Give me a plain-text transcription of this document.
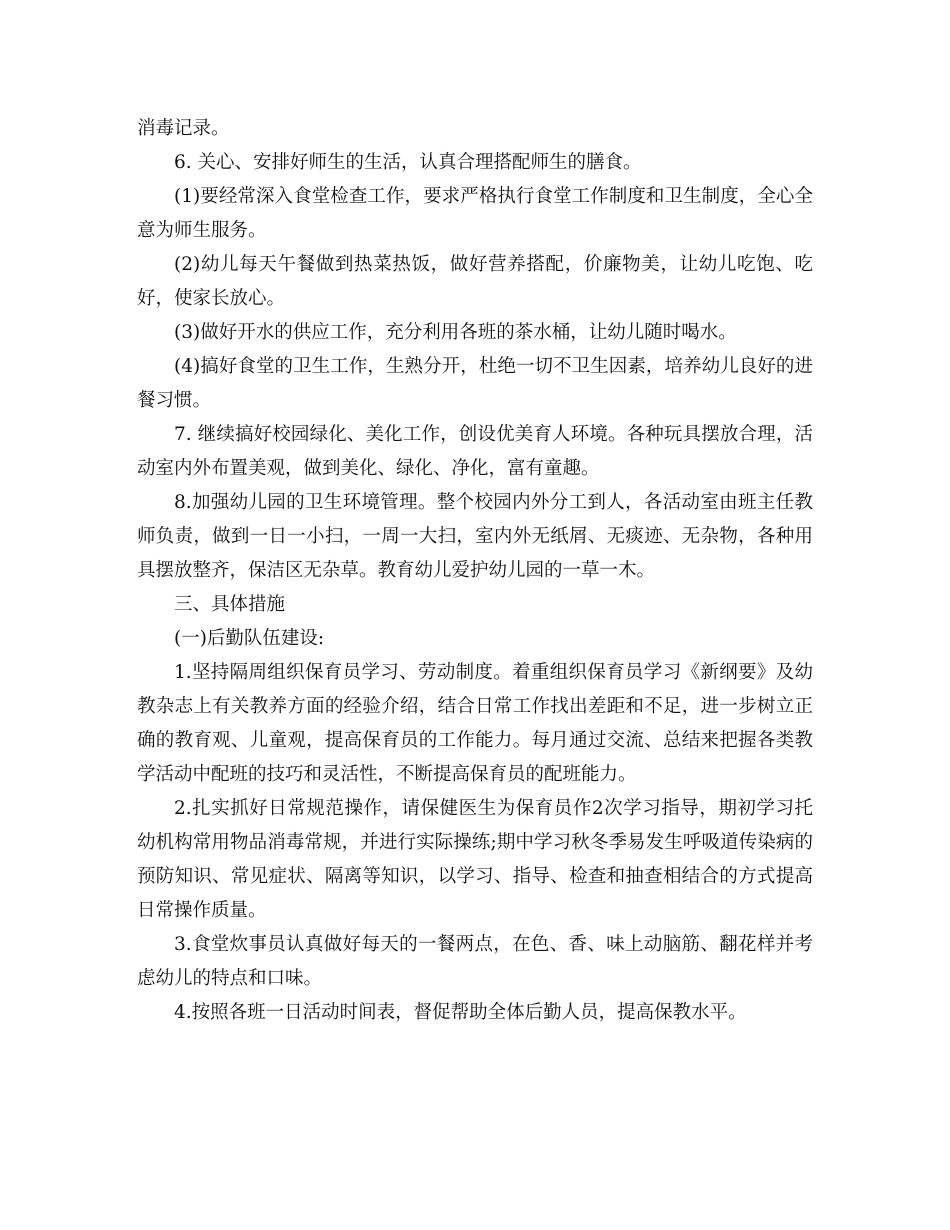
消毒记录。

6. 关心、安排好师生的生活，认真合理搭配师生的膳食。

(1)要经常深入食堂检查工作，要求严格执行食堂工作制度和卫生制度，全心全意为师生服务。

(2)幼儿每天午餐做到热菜热饭，做好营养搭配，价廉物美，让幼儿吃饱、吃好，使家长放心。

(3)做好开水的供应工作，充分利用各班的茶水桶，让幼儿随时喝水。

(4)搞好食堂的卫生工作，生熟分开，杜绝一切不卫生因素，培养幼儿良好的进餐习惯。

7. 继续搞好校园绿化、美化工作，创设优美育人环境。各种玩具摆放合理，活动室内外布置美观，做到美化、绿化、净化，富有童趣。

8.加强幼儿园的卫生环境管理。整个校园内外分工到人，各活动室由班主任教师负责，做到一日一小扫，一周一大扫，室内外无纸屑、无痰迹、无杂物，各种用具摆放整齐，保洁区无杂草。教育幼儿爱护幼儿园的一草一木。

三、具体措施

(一)后勤队伍建设:

1.坚持隔周组织保育员学习、劳动制度。着重组织保育员学习《新纲要》及幼教杂志上有关教养方面的经验介绍，结合日常工作找出差距和不足，进一步树立正确的教育观、儿童观，提高保育员的工作能力。每月通过交流、总结来把握各类教学活动中配班的技巧和灵活性，不断提高保育员的配班能力。

2.扎实抓好日常规范操作，请保健医生为保育员作2次学习指导，期初学习托幼机构常用物品消毒常规，并进行实际操练;期中学习秋冬季易发生呼吸道传染病的预防知识、常见症状、隔离等知识，以学习、指导、检查和抽查相结合的方式提高日常操作质量。

3.食堂炊事员认真做好每天的一餐两点，在色、香、味上动脑筋、翻花样并考虑幼儿的特点和口味。

4.按照各班一日活动时间表，督促帮助全体后勤人员，提高保教水平。
